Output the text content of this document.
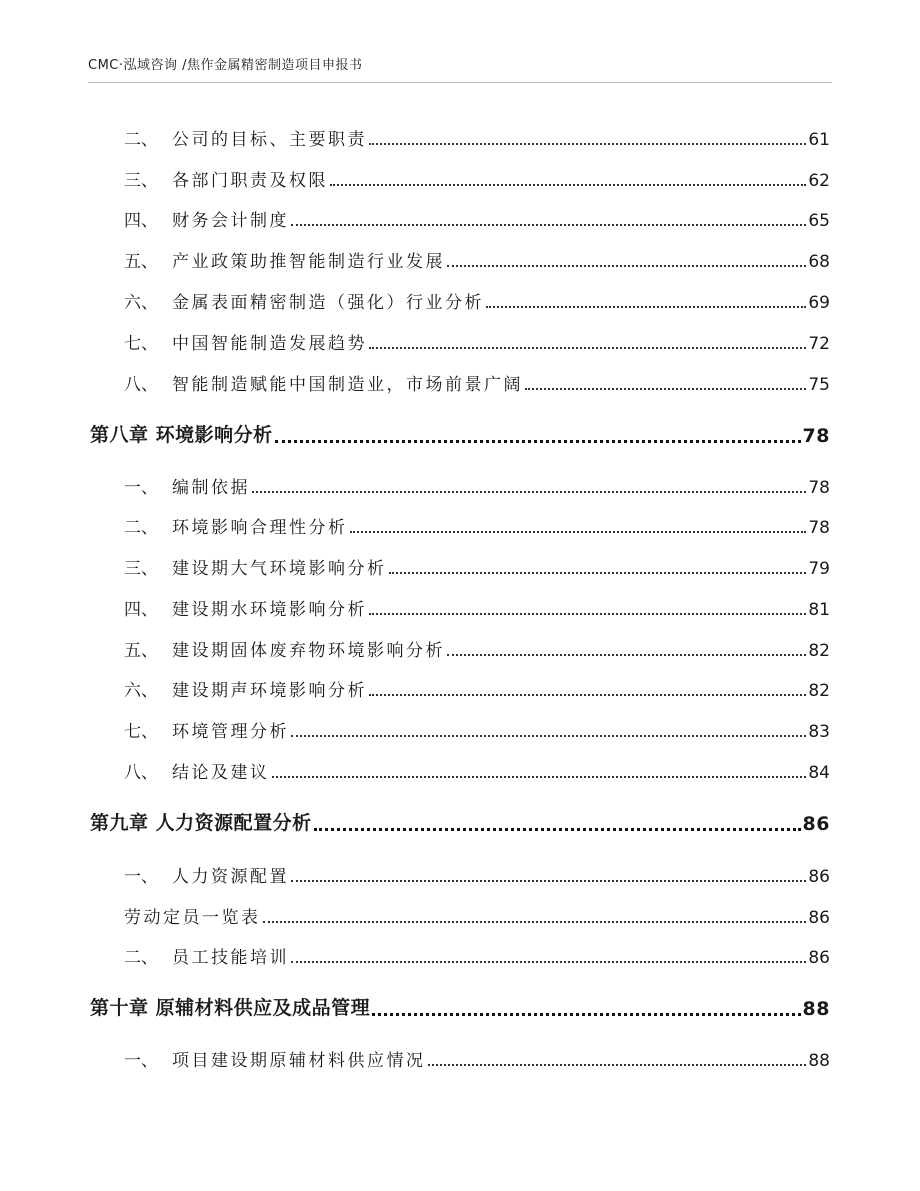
CMC·泓域咨询 /焦作金属精密制造项目申报书
二、 公司的目标、主要职责	61
三、 各部门职责及权限	62
四、 财务会计制度	65
五、 产业政策助推智能制造行业发展	68
六、 金属表面精密制造（强化）行业分析	69
七、 中国智能制造发展趋势	72
八、 智能制造赋能中国制造业，市场前景广阔	75
第八章 环境影响分析	78
一、 编制依据	78
二、 环境影响合理性分析	78
三、 建设期大气环境影响分析	79
四、 建设期水环境影响分析	81
五、 建设期固体废弃物环境影响分析	82
六、 建设期声环境影响分析	82
七、 环境管理分析	83
八、 结论及建议	84
第九章 人力资源配置分析	86
一、 人力资源配置	86
劳动定员一览表	86
二、 员工技能培训	86
第十章 原辅材料供应及成品管理	88
一、 项目建设期原辅材料供应情况	88
